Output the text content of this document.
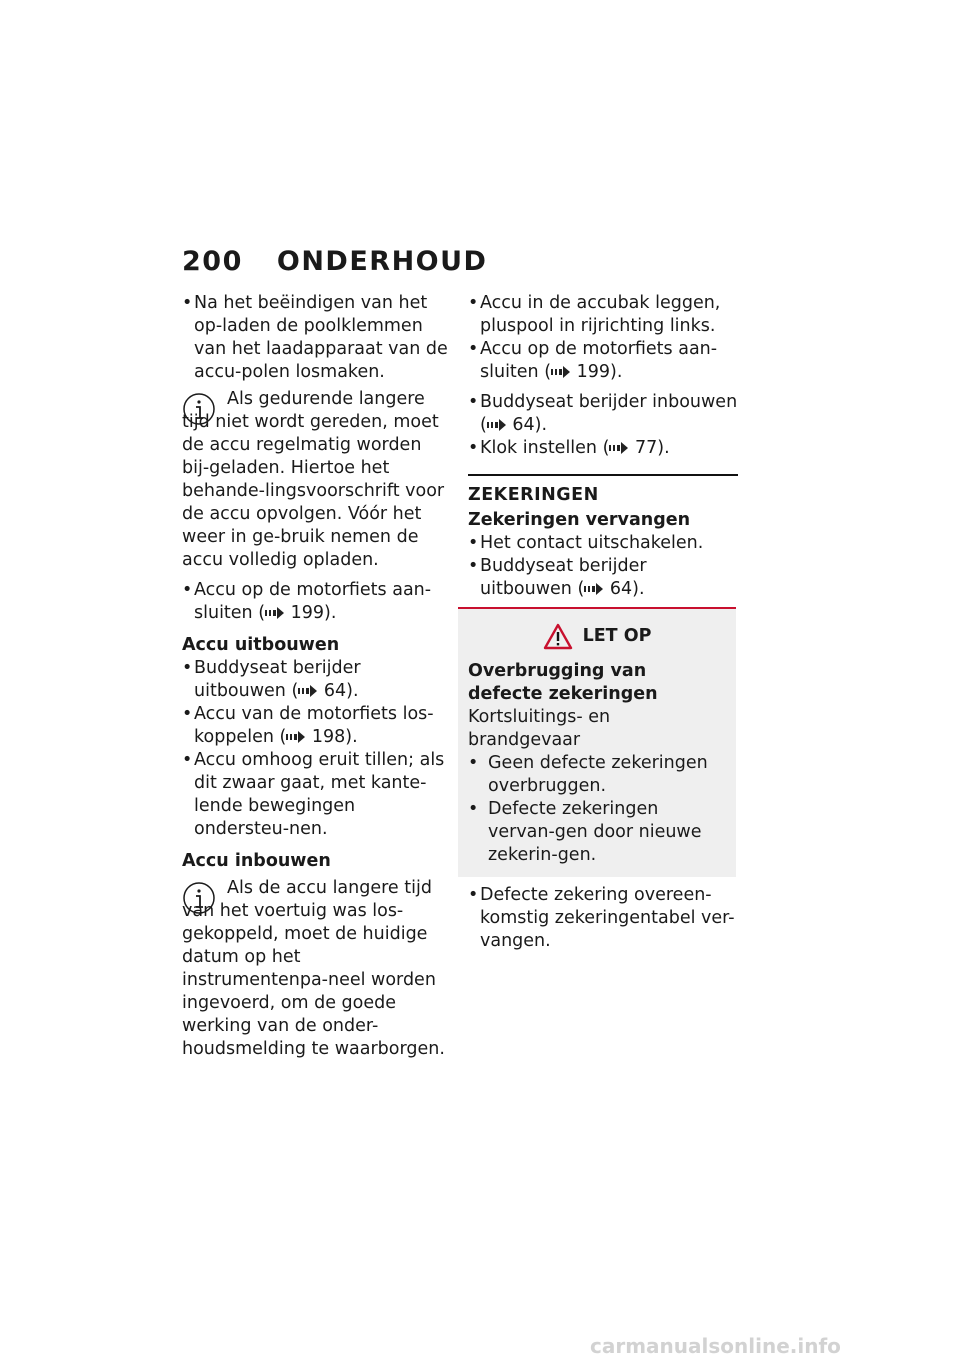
200 ONDERHOUD
• Na het beëindigen van het op-laden de poolklemmen van het laadapparaat van de accu-polen losmaken.
Als gedurende langere tijd niet wordt gereden, moet de accu regelmatig worden bij-geladen. Hiertoe het behande-lingsvoorschrift voor de accu opvolgen. Vóór het weer in ge-bruik nemen de accu volledig opladen.
• Accu op de motorfiets aan-sluiten ( 199).
Accu uitbouwen
• Buddyseat berijder uitbouwen ( 64).
• Accu van de motorfiets los-koppelen ( 198).
• Accu omhoog eruit tillen; als dit zwaar gaat, met kante-lende bewegingen ondersteu-nen.
Accu inbouwen
Als de accu langere tijd van het voertuig was los-gekoppeld, moet de huidige datum op het instrumentenpa-neel worden ingevoerd, om de goede werking van de onder-houdsmelding te waarborgen.
• Accu in de accubak leggen, pluspool in rijrichting links.
• Accu op de motorfiets aan-sluiten ( 199).
• Buddyseat berijder inbouwen ( 64).
• Klok instellen ( 77).
ZEKERINGEN
Zekeringen vervangen
• Het contact uitschakelen.
• Buddyseat berijder uitbouwen ( 64).
LET OP
Overbrugging van defecte zekeringen
Kortsluitings- en brandgevaar
• Geen defecte zekeringen overbruggen.
• Defecte zekeringen vervan-gen door nieuwe zekerin-gen.
• Defecte zekering overeen-komstig zekeringentabel ver-vangen.
carmanualsonline.info
